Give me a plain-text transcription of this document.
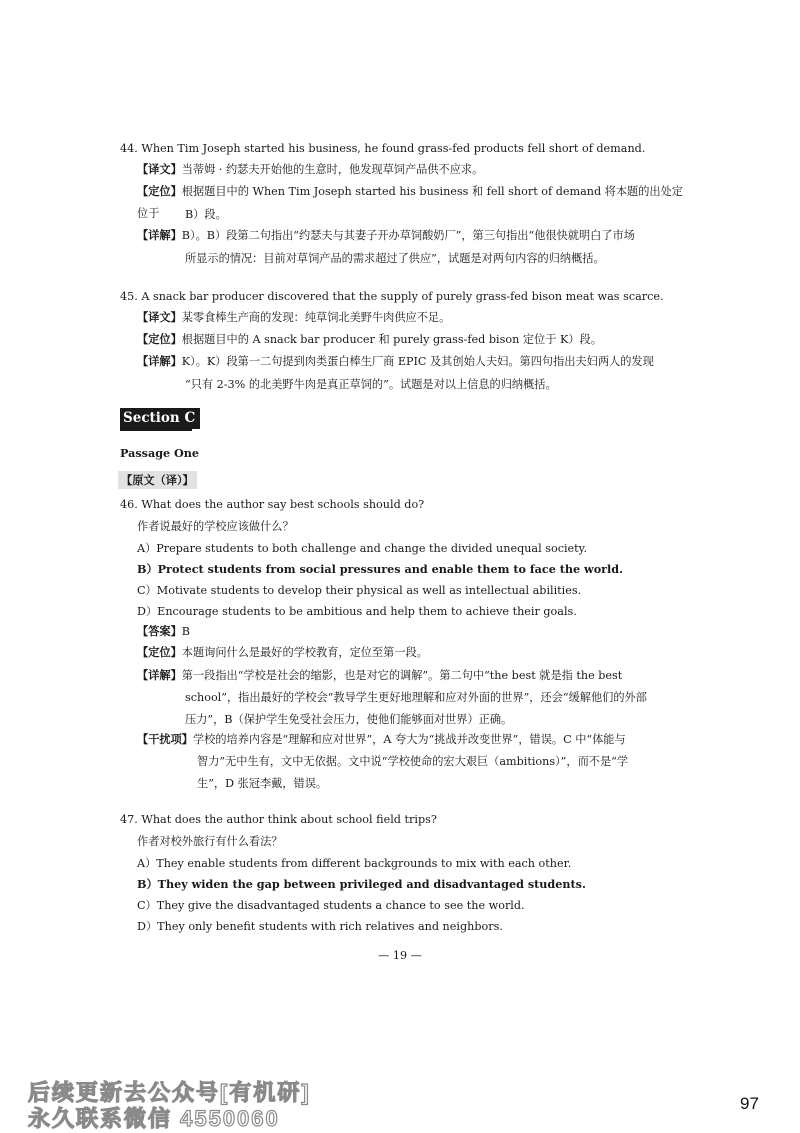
44. When Tim Joseph started his business, he found grass-fed products fell short of demand.
【译文】当蒂姆 · 约瑟夫开始他的生意时，他发现草饲产品供不应求。
【定位】根据题目中的 When Tim Joseph started his business 和 fell short of demand 将本题的出处定位于	B）段。
【详解】B）。B）段第二句指出“约瑟夫与其妻子开办草饲酸奶厂”，第三句指出“他很快就明白了市场
所显示的情况：目前对草饲产品的需求超过了供应”，试题是对两句内容的归纳概括。
45. A snack bar producer discovered that the supply of purely grass-fed bison meat was scarce.
【译文】某零食棒生产商的发现：纯草饲北美野牛肉供应不足。
【定位】根据题目中的 A snack bar producer 和 purely grass-fed bison 定位于 K）段。
【详解】K）。K）段第一二句提到肉类蛋白棒生厂商 EPIC 及其创始人夫妇。第四句指出夫妇两人的发现
“只有 2-3% 的北美野牛肉是真正草饲的”。试题是对以上信息的归纳概括。
Section C
Passage One
【原文（译）】
46. What does the author say best schools should do?
作者说最好的学校应该做什么？
A）Prepare students to both challenge and change the divided unequal society.
B）Protect students from social pressures and enable them to face the world.
C）Motivate students to develop their physical as well as intellectual abilities.
D）Encourage students to be ambitious and help them to achieve their goals.
【答案】B
【定位】本题询问什么是最好的学校教育，定位至第一段。
【详解】第一段指出“学校是社会的缩影，也是对它的调解”。第二句中“the best 就是指 the best
school”，指出最好的学校会“教导学生更好地理解和应对外面的世界”，还会“缓解他们的外部
压力”，B（保护学生免受社会压力，使他们能够面对世界）正确。
【干扰项】学校的培养内容是“理解和应对世界”，A 夸大为“挑战并改变世界”，错误。C 中“体能与
智力”无中生有，文中无依据。文中说“学校使命的宏大艰巨（ambitions）”，而不是“学
生”，D 张冠李戴，错误。
47. What does the author think about school field trips?
作者对校外旅行有什么看法？
A）They enable students from different backgrounds to mix with each other.
B）They widen the gap between privileged and disadvantaged students.
C）They give the disadvantaged students a chance to see the world.
D）They only benefit students with rich relatives and neighbors.
— 19 —
后续更新去公众号[有机研]
永久联系微信 4550060
97
